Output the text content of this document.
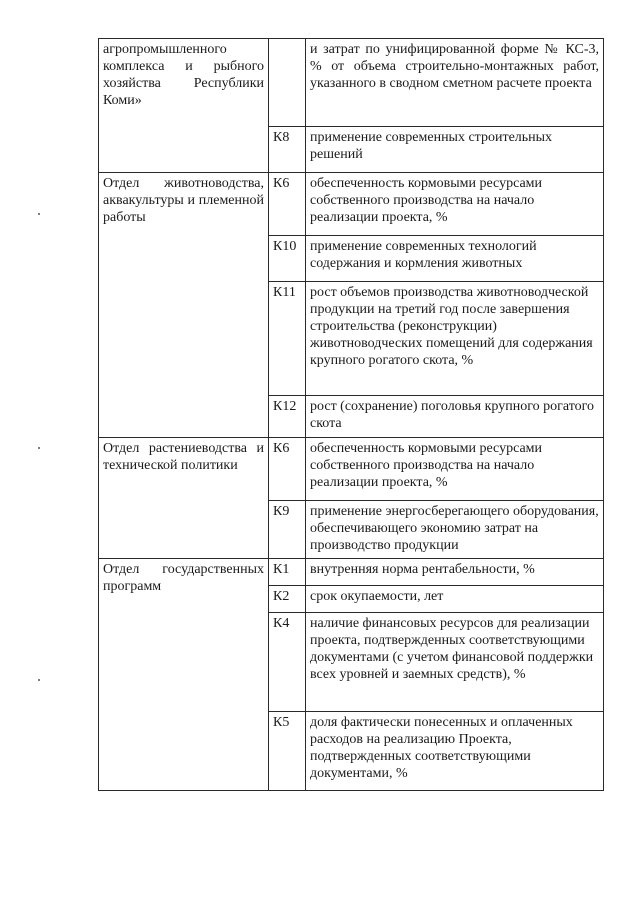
агропромышленного комплекса и рыбного хозяйства Республики Коми»		и затрат по унифицированной форме № КС-3, % от объема строительно-монтажных работ, указанного в сводном сметном расчете проекта
	К8	применение современных строительных решений
Отдел животноводства, аквакультуры и племенной работы	К6	обеспеченность кормовыми ресурсами собственного производства на начало реализации проекта, %
	К10	применение современных технологий содержания и кормления животных
	К11	рост объемов производства животноводческой продукции на третий год после завершения строительства (реконструкции) животноводческих помещений для содержания крупного рогатого скота, %
	К12	рост (сохранение) поголовья крупного рогатого скота
Отдел растениеводства и технической политики	К6	обеспеченность кормовыми ресурсами собственного производства на начало реализации проекта, %
	К9	применение энергосберегающего оборудования, обеспечивающего экономию затрат на производство продукции
Отдел государственных программ	К1	внутренняя норма рентабельности, %
	К2	срок окупаемости, лет
	К4	наличие финансовых ресурсов для реализации проекта, подтвержденных соответствующими документами (с учетом финансовой поддержки всех уровней и заемных средств), %
	К5	доля фактически понесенных и оплаченных расходов на реализацию Проекта, подтвержденных соответствующими документами, %
